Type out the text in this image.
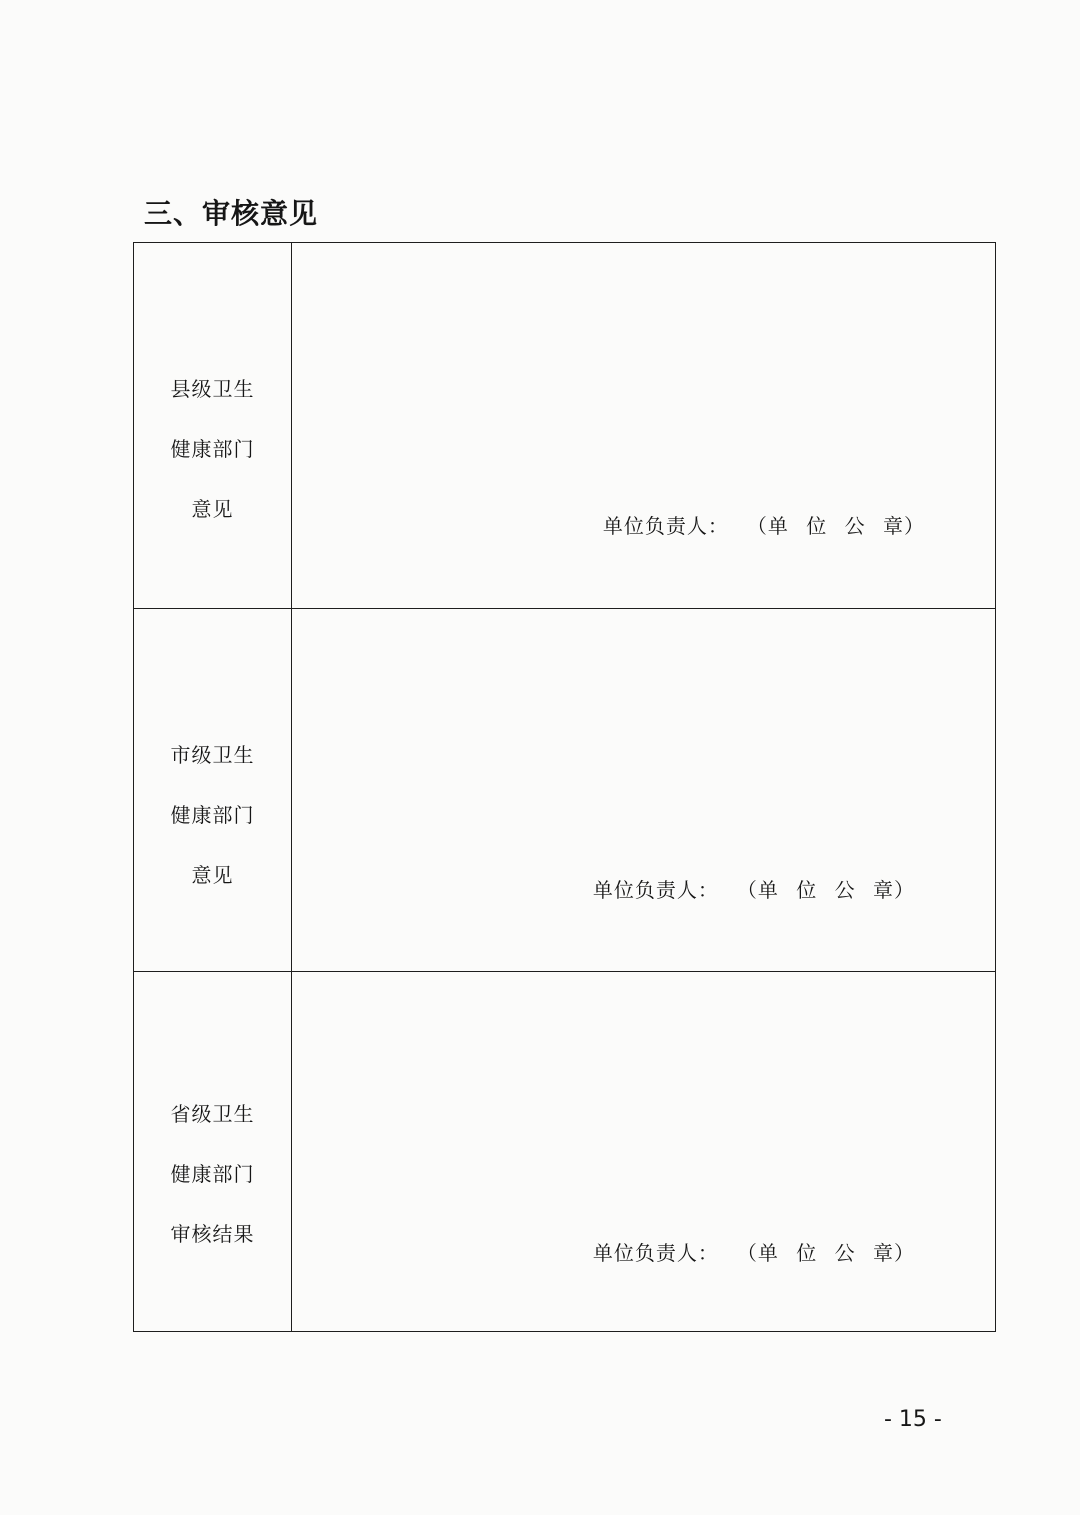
三、审核意见
县级卫生
健康部门
意见	单位负责人： （单 位 公 章）

市级卫生
健康部门
意见	单位负责人： （单 位 公 章）

省级卫生
健康部门
审核结果	单位负责人： （单 位 公 章）
- 15 -
